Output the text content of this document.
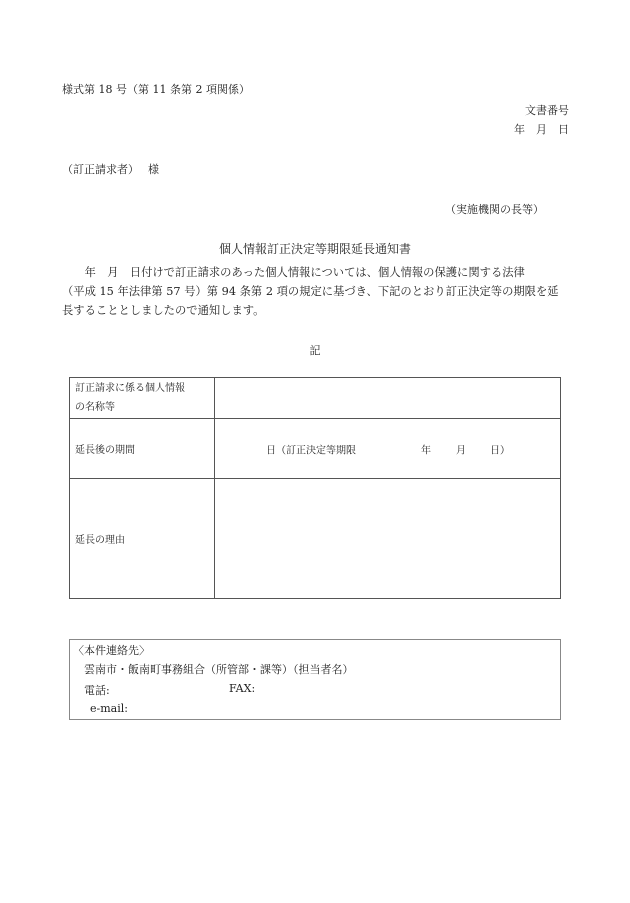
様式第 18 号（第 11 条第 2 項関係）
文書番号
年　月　日
（訂正請求者）　 様
（実施機関の長等）
個人情報訂正決定等期限延長通知書

　　年　月　日付けで訂正請求のあった個人情報については、個人情報の保護に関する法律

（平成 15 年法律第 57 号）第 94 条第 2 項の規定に基づき、下記のとおり訂正決定等の期限を延

長することとしましたので通知します。

記
訂正請求に係る個人情報
の名称等	

延長後の期間	日（訂正決定等期限 年 月 日）

延長の理由	
〈本件連絡先〉
雲南市・飯南町事務組合（所管部・課等）（担当者名）
電話:	FAX:
e-mail:
